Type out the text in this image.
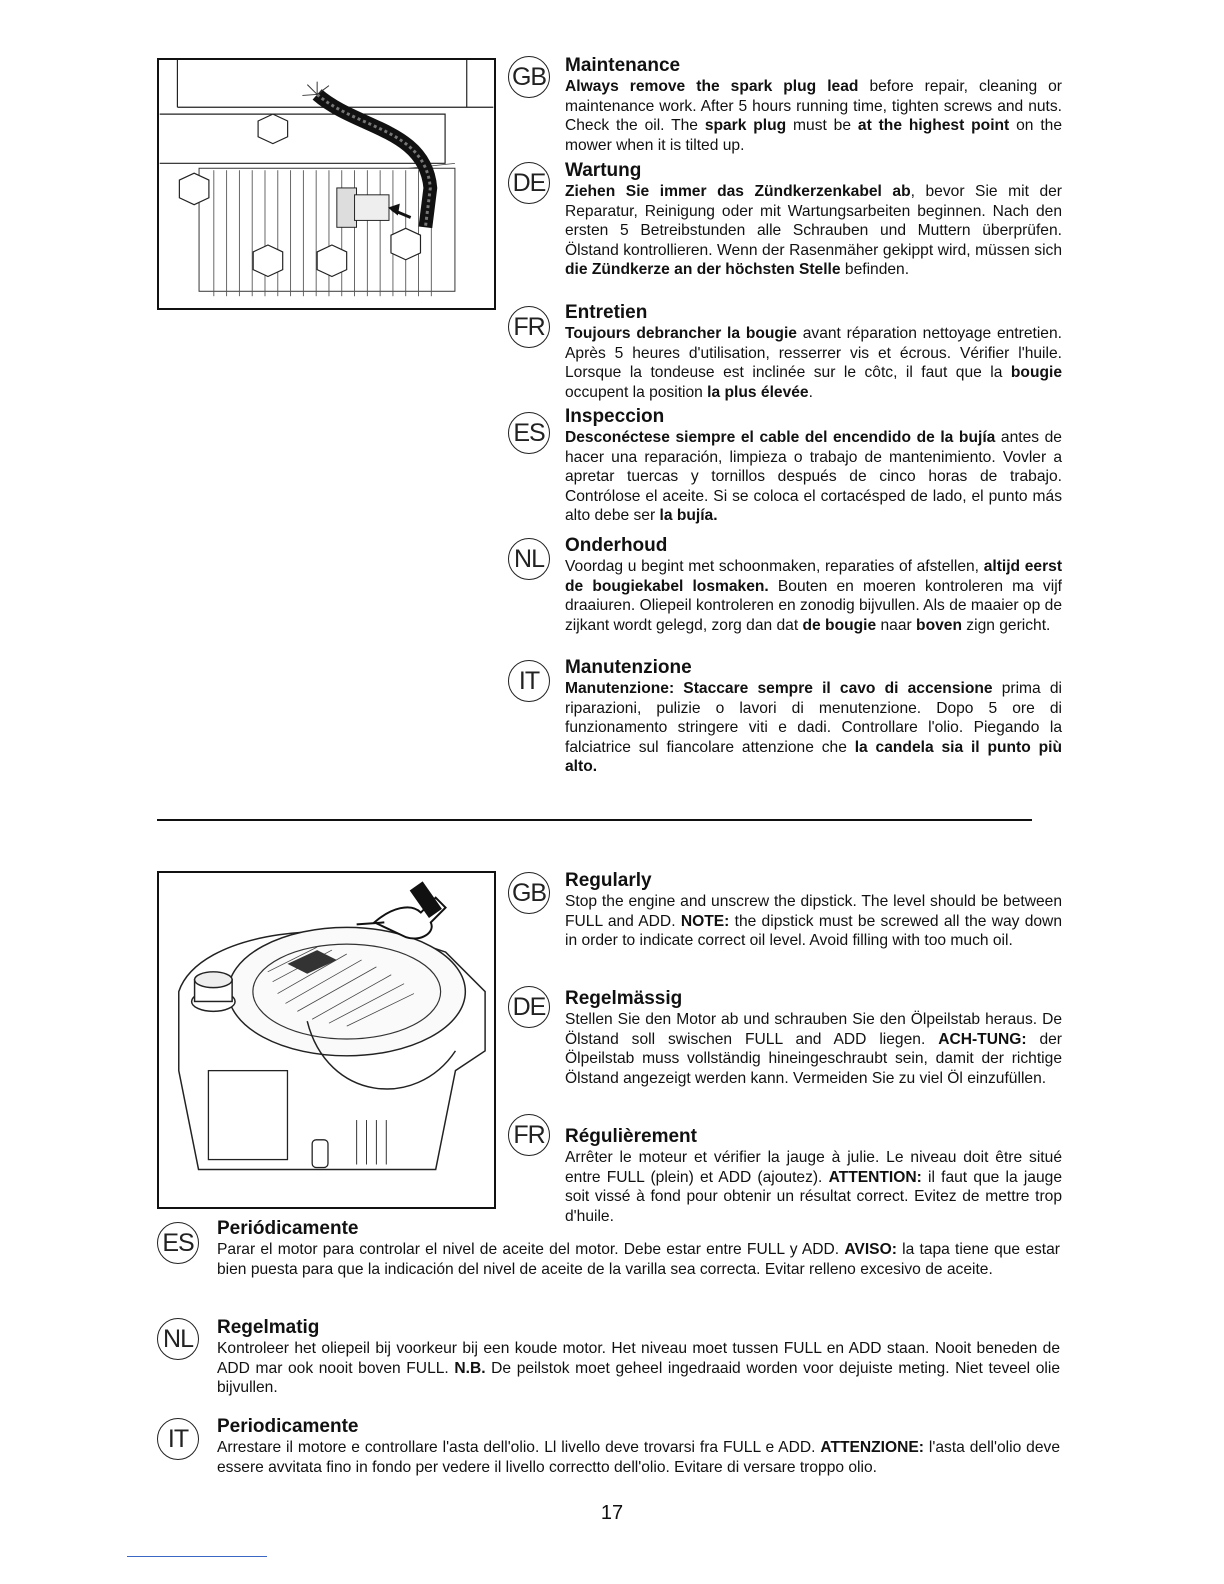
GB Maintenance

Always remove the spark plug lead before repair, cleaning or maintenance work. After 5 hours running time, tighten screws and nuts. Check the oil. The spark plug must be at the highest point on the mower when it is tilted up.

DE Wartung

Ziehen Sie immer das Zündkerzenkabel ab, bevor Sie mit der Reparatur, Reinigung oder mit Wartungsarbeiten beginnen. Nach den ersten 5 Betreibstunden alle Schrauben und Muttern überprüfen. Ölstand kontrollieren. Wenn der Rasenmäher gekippt wird, müssen sich die Zündkerze an der höchsten Stelle befinden.

FR Entretien

Toujours debrancher la bougie avant réparation nettoyage entretien. Après 5 heures d'utilisation, resserrer vis et écrous. Vérifier l'huile. Lorsque la tondeuse est inclinée sur le côtc, il faut que la bougie occupent la position la plus élevée.

ES
Inspeccion

Desconéctese siempre el cable del encendido de la bujía antes de hacer una reparación, limpieza o trabajo de mantenimiento. Vovler a apretar tuercas y tornillos después de cinco horas de trabajo. Contrólose el aceite. Si se coloca el cortacésped de lado, el punto más alto debe ser la bujía.

NL	Onderhoud

Voordag u begint met schoonmaken, reparaties of afstellen, altijd eerst de bougiekabel losmaken. Bouten en moeren kontroleren ma vijf draaiuren. Oliepeil kontroleren en zonodig bijvullen. Als de maaier op de zijkant wordt gelegd, zorg dan dat de bougie naar boven zign gericht.

IT	Manutenzione

Manutenzione: Staccare sempre il cavo di accensione prima di riparazioni, pulizie o lavori di menutenzione. Dopo 5 ore di funzionamento stringere viti e dadi. Controllare l'olio. Piegando la falciatrice sul fiancolare attenzione che la candela sia il punto più alto.

GB Regularly

Stop the engine and unscrew the dipstick. The level should be between FULL and ADD. NOTE: the dipstick must be screwed all the way down in order to indicate correct oil level. Avoid filling with too much oil.

DE Regelmässig

Stellen Sie den Motor ab und schrauben Sie den Ölpeilstab heraus. De Ölstand soll swischen FULL and ADD liegen. ACH-TUNG: der Ölpeilstab muss vollständig hineingeschraubt sein, damit der richtige Ölstand angezeigt werden kann. Vermeiden Sie zu viel Öl einzufüllen.

FR Régulièrement

Arrêter le moteur et vérifier la jauge à julie. Le niveau doit être situé entre FULL (plein) et ADD (ajoutez). ATTENTION: il faut que la jauge soit vissé à fond pour obtenir un résultat correct. Evitez de mettre trop d'huile.

ES Periódicamente

Parar el motor para controlar el nivel de aceite del motor. Debe estar entre FULL y ADD. AVISO: la tapa tiene que estar bien puesta para que la indicación del nivel de aceite de la varilla sea correcta. Evitar relleno excesivo de aceite.

NL	Regelmatig

Kontroleer het oliepeil bij voorkeur bij een koude motor. Het niveau moet tussen FULL en ADD staan. Nooit beneden de ADD mar ook nooit boven FULL. N.B. De peilstok moet geheel ingedraaid worden voor dejuiste meting. Niet teveel olie bijvullen.

IT	Periodicamente

Arrestare il motore e controllare l'asta dell'olio. Ll livello deve trovarsi fra FULL e ADD. ATTENZIONE: l'asta dell'olio deve essere avvitata fino in fondo per vedere il livello correctto dell'olio. Evitare di versare troppo olio.

17
